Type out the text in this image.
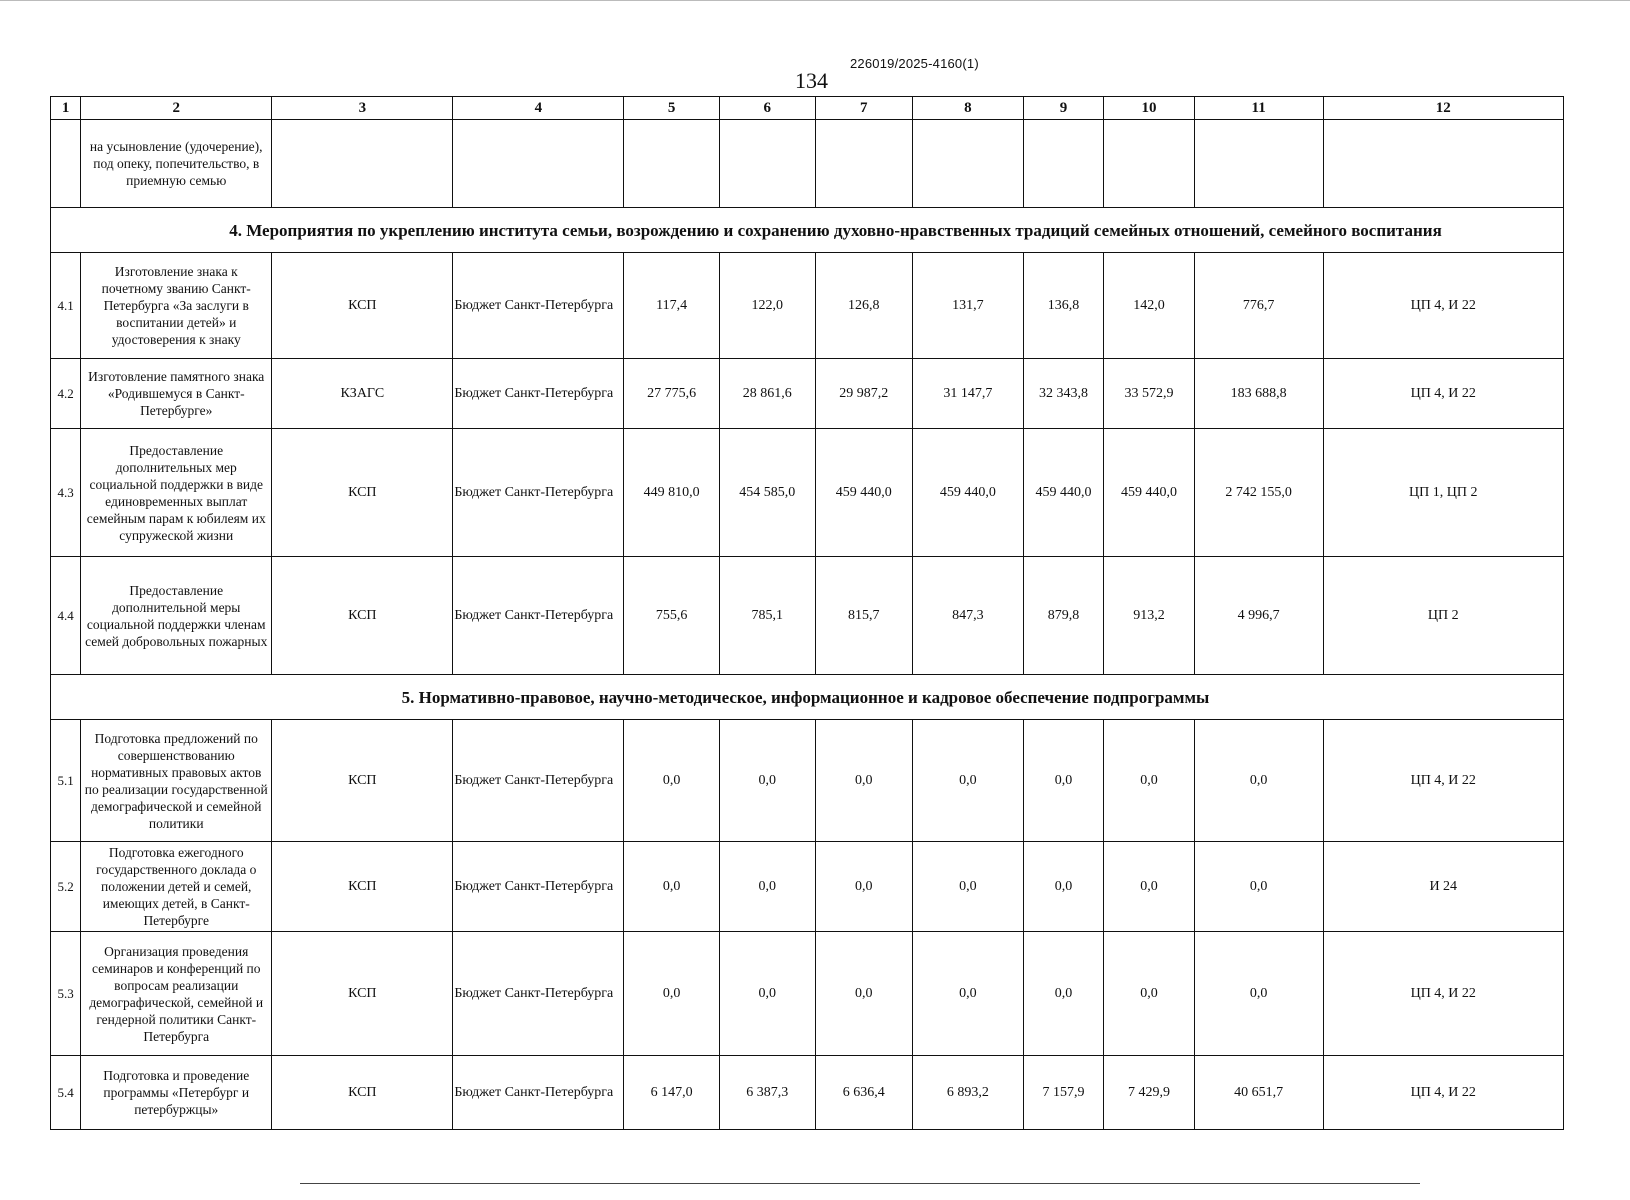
226019/2025-4160(1)
134
1	2	3	4	5	6	7	8	9	10	11	12
	на усыновление (удочерение), под опеку, попечительство, в приемную семью										
4. Мероприятия по укреплению института семьи, возрождению и сохранению духовно-нравственных традиций семейных отношений, семейного воспитания											
4.1	Изготовление знака к почетному званию Санкт-Петербурга «За заслуги в воспитании детей» и удостоверения к знаку	КСП	Бюджет Санкт-Петербурга	117,4	122,0	126,8	131,7	136,8	142,0	776,7	ЦП 4, И 22
4.2	Изготовление памятного знака «Родившемуся в Санкт-Петербурге»	КЗАГС	Бюджет Санкт-Петербурга	27 775,6	28 861,6	29 987,2	31 147,7	32 343,8	33 572,9	183 688,8	ЦП 4, И 22
4.3	Предоставление дополнительных мер социальной поддержки в виде единовременных выплат семейным парам к юбилеям их супружеской жизни	КСП	Бюджет Санкт-Петербурга	449 810,0	454 585,0	459 440,0	459 440,0	459 440,0	459 440,0	2 742 155,0	ЦП 1, ЦП 2
4.4	Предоставление дополнительной меры социальной поддержки членам семей добровольных пожарных	КСП	Бюджет Санкт-Петербурга	755,6	785,1	815,7	847,3	879,8	913,2	4 996,7	ЦП 2
5. Нормативно-правовое, научно-методическое, информационное и кадровое обеспечение подпрограммы											
5.1	Подготовка предложений по совершенствованию нормативных правовых актов по реализации государственной демографической и семейной политики	КСП	Бюджет Санкт-Петербурга	0,0	0,0	0,0	0,0	0,0	0,0	0,0	ЦП 4, И 22
5.2	Подготовка ежегодного государственного доклада о положении детей и семей, имеющих детей, в Санкт-Петербурге	КСП	Бюджет Санкт-Петербурга	0,0	0,0	0,0	0,0	0,0	0,0	0,0	И 24
5.3	Организация проведения семинаров и конференций по вопросам реализации демографической, семейной и гендерной политики Санкт-Петербурга	КСП	Бюджет Санкт-Петербурга	0,0	0,0	0,0	0,0	0,0	0,0	0,0	ЦП 4, И 22
5.4	Подготовка и проведение программы «Петербург и петербуржцы»	КСП	Бюджет Санкт-Петербурга	6 147,0	6 387,3	6 636,4	6 893,2	7 157,9	7 429,9	40 651,7	ЦП 4, И 22
